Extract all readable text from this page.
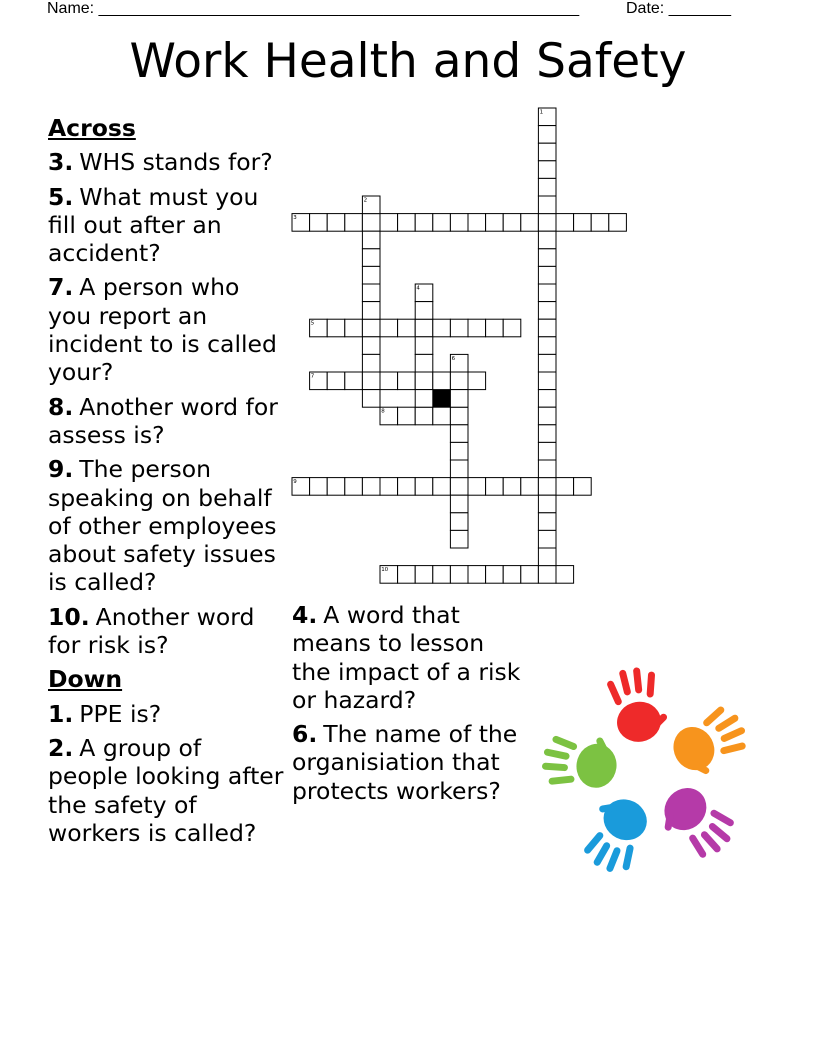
Name: ______________________________________________________	Date: _______
Work Health and Safety
Across
3. WHS stands for?
5. What must you fill out after an accident?
7. A person who you report an incident to is called your?
8. Another word for assess is?
9. The person speaking on behalf of other employees about safety issues is called?
10. Another word for risk is?
Down
1. PPE is?
2. A group of people looking after the safety of workers is called?
4. A word that means to lesson the impact of a risk or hazard?
6. The name of the organisiation that protects workers?
3
5
7
8
9
10
1
2
4
6
